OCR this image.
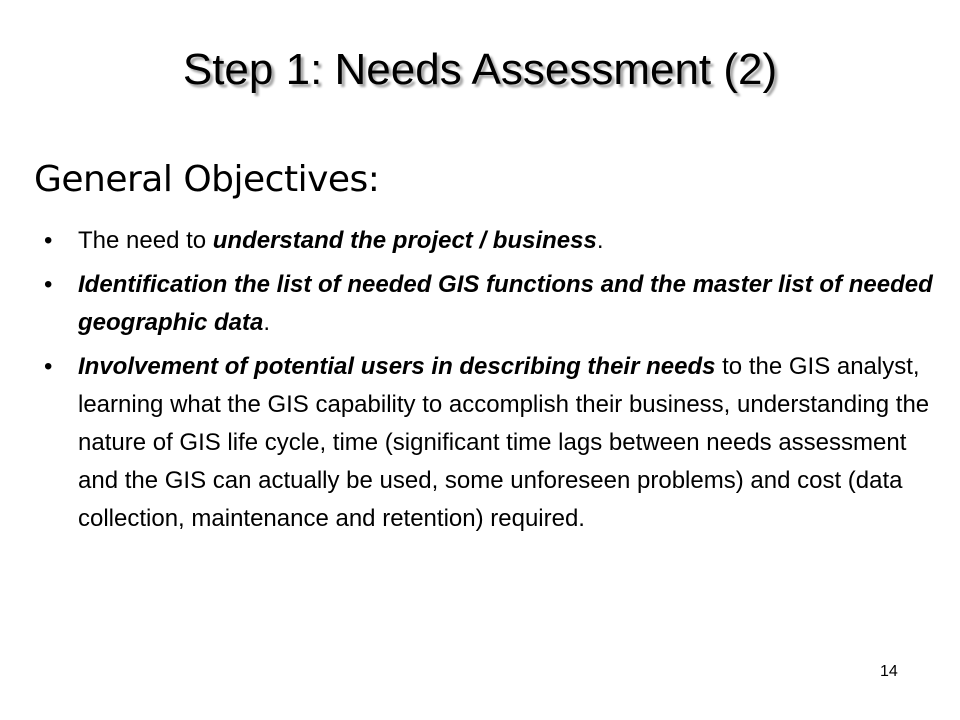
Step 1: Needs Assessment (2)
General Objectives:
• The need to understand the project / business.
• Identification the list of needed GIS functions and the master list of needed geographic data.
• Involvement of potential users in describing their needs to the GIS analyst, learning what the GIS capability to accomplish their business, understanding the nature of GIS life cycle, time (significant time lags between needs assessment and the GIS can actually be used, some unforeseen problems) and cost (data collection, maintenance and retention) required.
14
